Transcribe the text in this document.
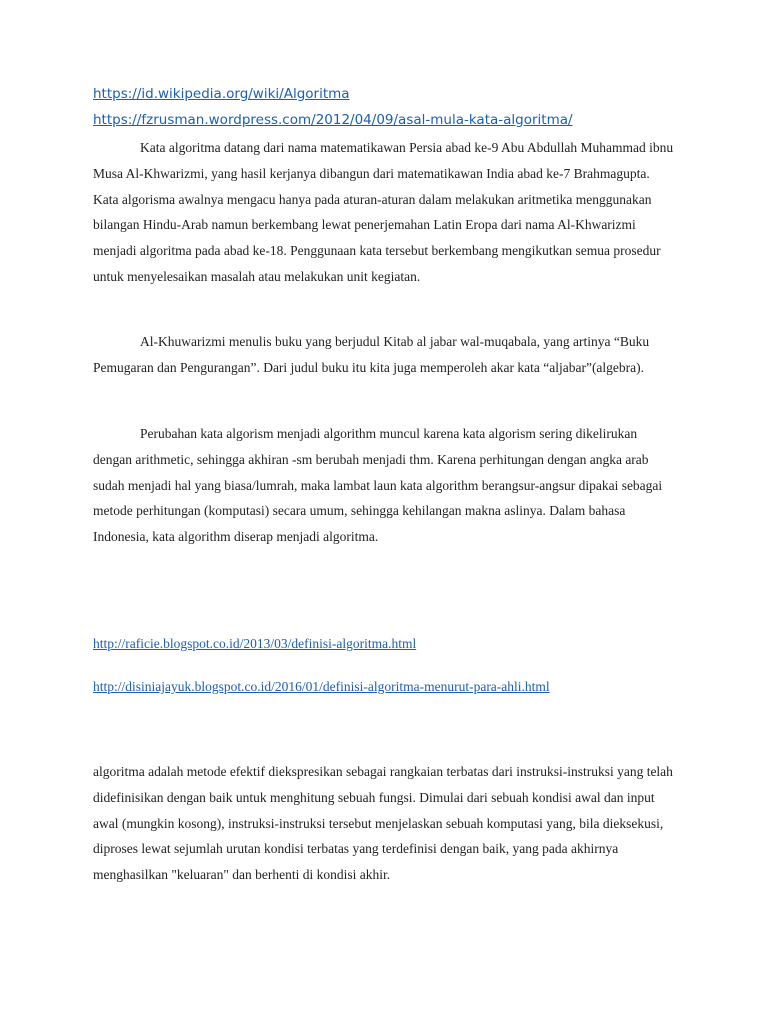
https://id.wikipedia.org/wiki/Algoritma
https://fzrusman.wordpress.com/2012/04/09/asal-mula-kata-algoritma/

Kata algoritma datang dari nama matematikawan Persia abad ke-9 Abu Abdullah Muhammad ibnu Musa Al-Khwarizmi, yang hasil kerjanya dibangun dari matematikawan India abad ke-7 Brahmagupta. Kata algorisma awalnya mengacu hanya pada aturan-aturan dalam melakukan aritmetika menggunakan bilangan Hindu-Arab namun berkembang lewat penerjemahan Latin Eropa dari nama Al-Khwarizmi menjadi algoritma pada abad ke-18. Penggunaan kata tersebut berkembang mengikutkan semua prosedur untuk menyelesaikan masalah atau melakukan unit kegiatan.

Al-Khuwarizmi menulis buku yang berjudul Kitab al jabar wal-muqabala, yang artinya “Buku Pemugaran dan Pengurangan”. Dari judul buku itu kita juga memperoleh akar kata “aljabar”(algebra).

Perubahan kata algorism menjadi algorithm muncul karena kata algorism sering dikelirukan dengan arithmetic, sehingga akhiran -sm berubah menjadi thm. Karena perhitungan dengan angka arab sudah menjadi hal yang biasa/lumrah, maka lambat laun kata algorithm berangsur-angsur dipakai sebagai metode perhitungan (komputasi) secara umum, sehingga kehilangan makna aslinya. Dalam bahasa Indonesia, kata algorithm diserap menjadi algoritma.

http://raficie.blogspot.co.id/2013/03/definisi-algoritma.html
http://disiniajayuk.blogspot.co.id/2016/01/definisi-algoritma-menurut-para-ahli.html

algoritma adalah metode efektif diekspresikan sebagai rangkaian terbatas dari instruksi-instruksi yang telah didefinisikan dengan baik untuk menghitung sebuah fungsi. Dimulai dari sebuah kondisi awal dan input awal (mungkin kosong), instruksi-instruksi tersebut menjelaskan sebuah komputasi yang, bila dieksekusi, diproses lewat sejumlah urutan kondisi terbatas yang terdefinisi dengan baik, yang pada akhirnya menghasilkan "keluaran" dan berhenti di kondisi akhir.
